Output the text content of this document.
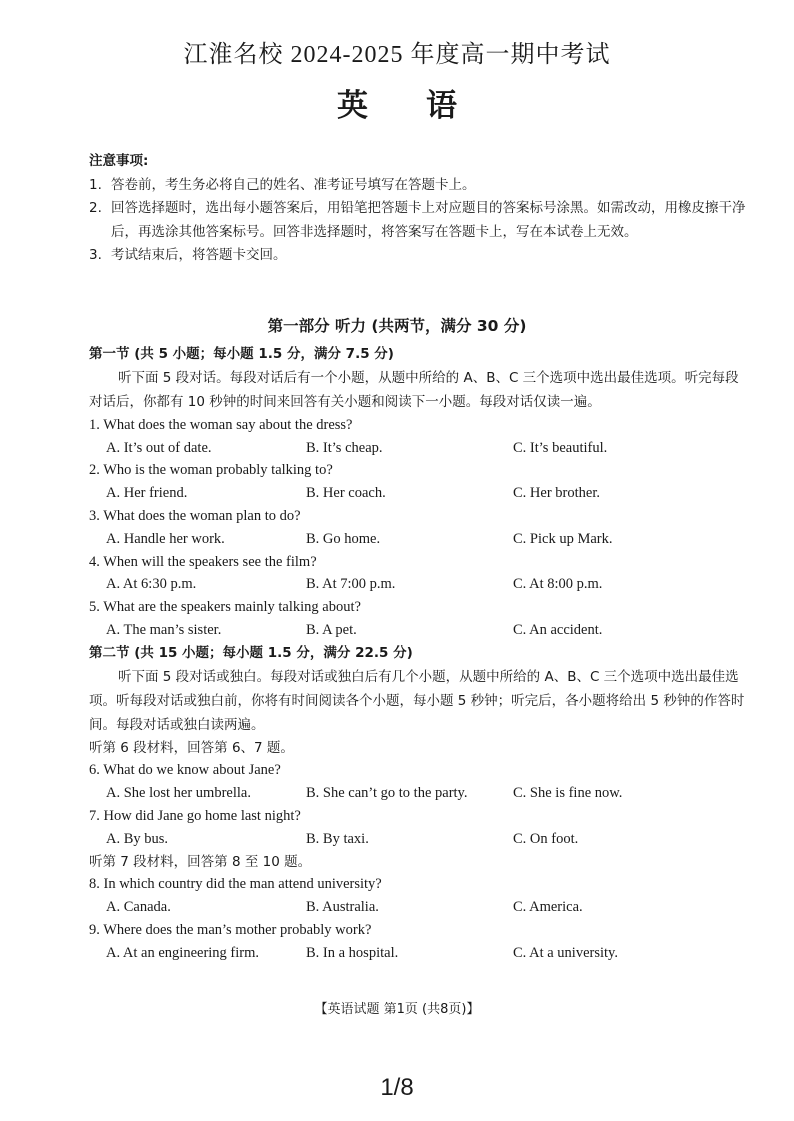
江淮名校 2024-2025 年度高一期中考试
英语
注意事项:
1. 答卷前，考生务必将自己的姓名、准考证号填写在答题卡上。
2. 回答选择题时，选出每小题答案后，用铅笔把答题卡上对应题目的答案标号涂黑。如需改动，用橡皮擦干净后，再选涂其他答案标号。回答非选择题时，将答案写在答题卡上，写在本试卷上无效。
3. 考试结束后，将答题卡交回。
第一部分 听力 (共两节，满分 30 分)
第一节 (共 5 小题；每小题 1.5 分，满分 7.5 分)
听下面 5 段对话。每段对话后有一个小题，从题中所给的 A、B、C 三个选项中选出最佳选项。听完每段对话后，你都有 10 秒钟的时间来回答有关小题和阅读下一小题。每段对话仅读一遍。
1. What does the woman say about the dress?
A. It’s out of date.	B. It’s cheap.	C. It’s beautiful.
2. Who is the woman probably talking to?
A. Her friend.	B. Her coach.	C. Her brother.
3. What does the woman plan to do?
A. Handle her work.	B. Go home.	C. Pick up Mark.
4. When will the speakers see the film?
A. At 6:30 p.m.	B. At 7:00 p.m.	C. At 8:00 p.m.
5. What are the speakers mainly talking about?
A. The man’s sister.	B. A pet.	C. An accident.
第二节 (共 15 小题；每小题 1.5 分，满分 22.5 分)
听下面 5 段对话或独白。每段对话或独白后有几个小题，从题中所给的 A、B、C 三个选项中选出最佳选项。听每段对话或独白前，你将有时间阅读各个小题，每小题 5 秒钟；听完后，各小题将给出 5 秒钟的作答时间。每段对话或独白读两遍。
听第 6 段材料，回答第 6、7 题。
6. What do we know about Jane?
A. She lost her umbrella.	B. She can’t go to the party.	C. She is fine now.
7. How did Jane go home last night?
A. By bus.	B. By taxi.	C. On foot.
听第 7 段材料，回答第 8 至 10 题。
8. In which country did the man attend university?
A. Canada.	B. Australia.	C. America.
9. Where does the man’s mother probably work?
A. At an engineering firm.	B. In a hospital.	C. At a university.
【英语试题 第1页 (共8页)】
1/8
